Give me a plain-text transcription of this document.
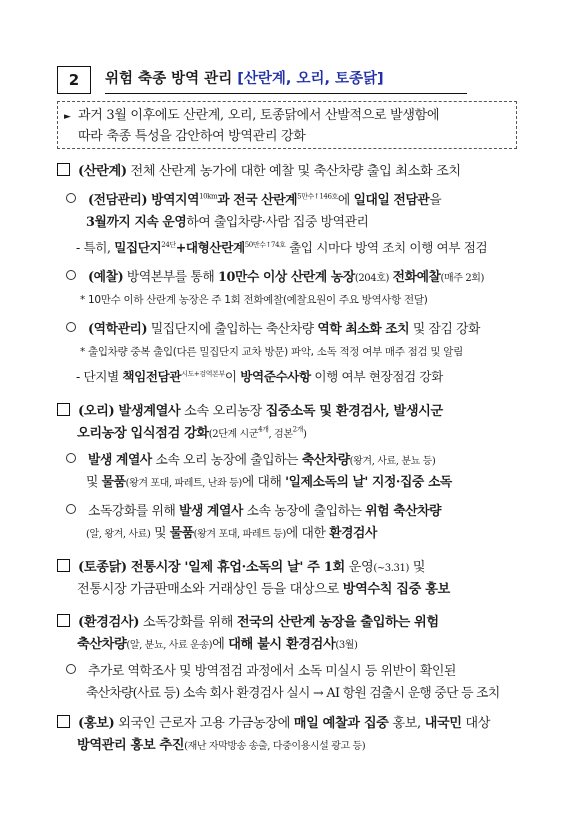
2	위험 축종 방역 관리 [산란계, 오리, 토종닭]
► 과거 3월 이후에도 산란계, 오리, 토종닭에서 산발적으로 발생함에
따라 축종 특성을 감안하여 방역관리 강화
(산란계) 전체 산란계 농가에 대한 예찰 및 축산차량 출입 최소화 조치
(전담관리) 방역지역$^{10km}$과 전국 산란계$^{5만수↑146호}$에 일대일 전담관을
3월까지 지속 운영하여 출입차량·사람 집중 방역관리
- 특히, 밀집단지$^{24단}$+대형산란계$^{50만수↑74호}$ 출입 시마다 방역 조치 이행 여부 점검
(예찰) 방역본부를 통해 10만수 이상 산란계 농장(204호) 전화예찰(매주 2회)
* 10만수 이하 산란계 농장은 주 1회 전화예찰(예찰요원이 주요 방역사항 전달)
(역학관리) 밀집단지에 출입하는 축산차량 역학 최소화 조치 및 잠김 강화
* 출입차량 중복 출입(다른 밀집단지 교차 방문) 파악, 소독 적정 여부 매주 점검 및 알림
- 단지별 책임전담관$^{시도+검역본부}$이 방역준수사항 이행 여부 현장점검 강화
(오리) 발생계열사 소속 오리농장 집중소독 및 환경검사, 발생시군
오리농장 입식점검 강화(2단계 시군$^{4개}$, 검본$^{2개}$)
발생 계열사 소속 오리 농장에 출입하는 축산차량(왕겨, 사료, 분뇨 등)
및 물품(왕겨 포대, 파레트, 난좌 등)에 대해 '일제소독의 날' 지정·집중 소독
소독강화를 위해 발생 계열사 소속 농장에 출입하는 위험 축산차량
(알, 왕겨, 사료) 및 물품(왕겨 포대, 파레트 등)에 대한 환경검사
(토종닭) 전통시장 '일제 휴업·소독의 날' 주 1회 운영(~3.31) 및
전통시장 가금판매소와 거래상인 등을 대상으로 방역수칙 집중 홍보
(환경검사) 소독강화를 위해 전국의 산란계 농장을 출입하는 위험
축산차량(알, 분뇨, 사료 운송)에 대해 불시 환경검사(3월)
추가로 역학조사 및 방역점검 과정에서 소독 미실시 등 위반이 확인된
축산차량(사료 등) 소속 회사 환경검사 실시 → AI 항원 검출시 운행 중단 등 조치
(홍보) 외국인 근로자 고용 가금농장에 매일 예찰과 집중 홍보, 내국민 대상
방역관리 홍보 추진(재난 자막방송 송출, 다중이용시설 광고 등)
